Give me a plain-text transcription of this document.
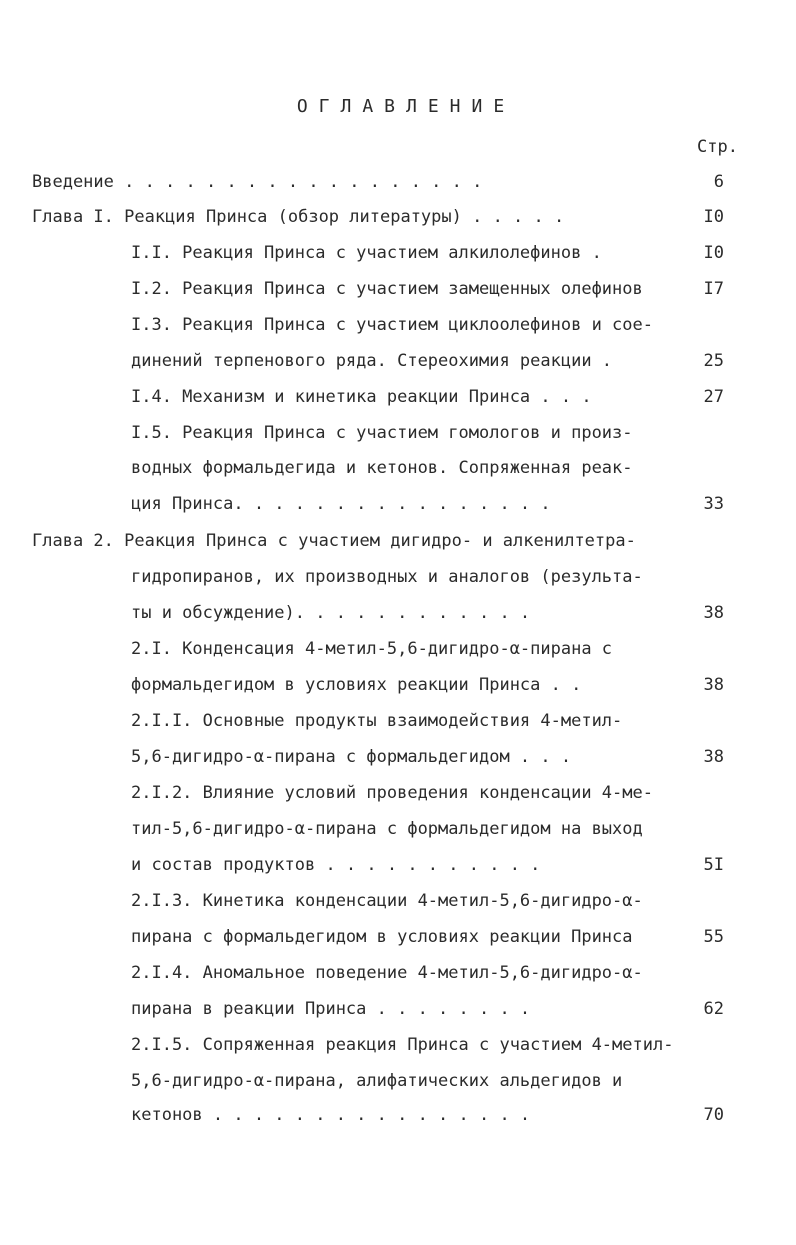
ОГЛАВЛЕНИЕ
Стр.
Введение . . . . . . . . . . . . . . . . . .	6
Глава I. Реакция Принса (обзор литературы) . . . . .	I0
I.I. Реакция Принса с участием алкилолефинов .	I0
I.2. Реакция Принса с участием замещенных олефинов	I7
I.3. Реакция Принса с участием циклоолефинов и сое-
динений терпенового ряда. Стереохимия реакции .	25
I.4. Механизм и кинетика реакции Принса . . .	27
I.5. Реакция Принса с участием гомологов и произ-
водных формальдегида и кетонов. Сопряженная реак-
ция Принса. . . . . . . . . . . . . . . .	33
Глава 2. Реакция Принса с участием дигидро- и алкенилтетра-
гидропиранов, их производных и аналогов (результа-
ты и обсуждение). . . . . . . . . . . .	38
2.I. Конденсация 4-метил-5,6-дигидро-α-пирана с
формальдегидом в условиях реакции Принса . .	38
2.I.I. Основные продукты взаимодействия 4-метил-
5,6-дигидро-α-пирана с формальдегидом . . .	38
2.I.2. Влияние условий проведения конденсации 4-ме-
тил-5,6-дигидро-α-пирана с формальдегидом на выход
и состав продуктов . . . . . . . . . . .	5I
2.I.3. Кинетика конденсации 4-метил-5,6-дигидро-α-
пирана с формальдегидом в условиях реакции Принса	55
2.I.4. Аномальное поведение 4-метил-5,6-дигидро-α-
пирана в реакции Принса . . . . . . . .	62
2.I.5. Сопряженная реакция Принса с участием 4-метил-
5,6-дигидро-α-пирана, алифатических альдегидов и
кетонов . . . . . . . . . . . . . . . .	70
